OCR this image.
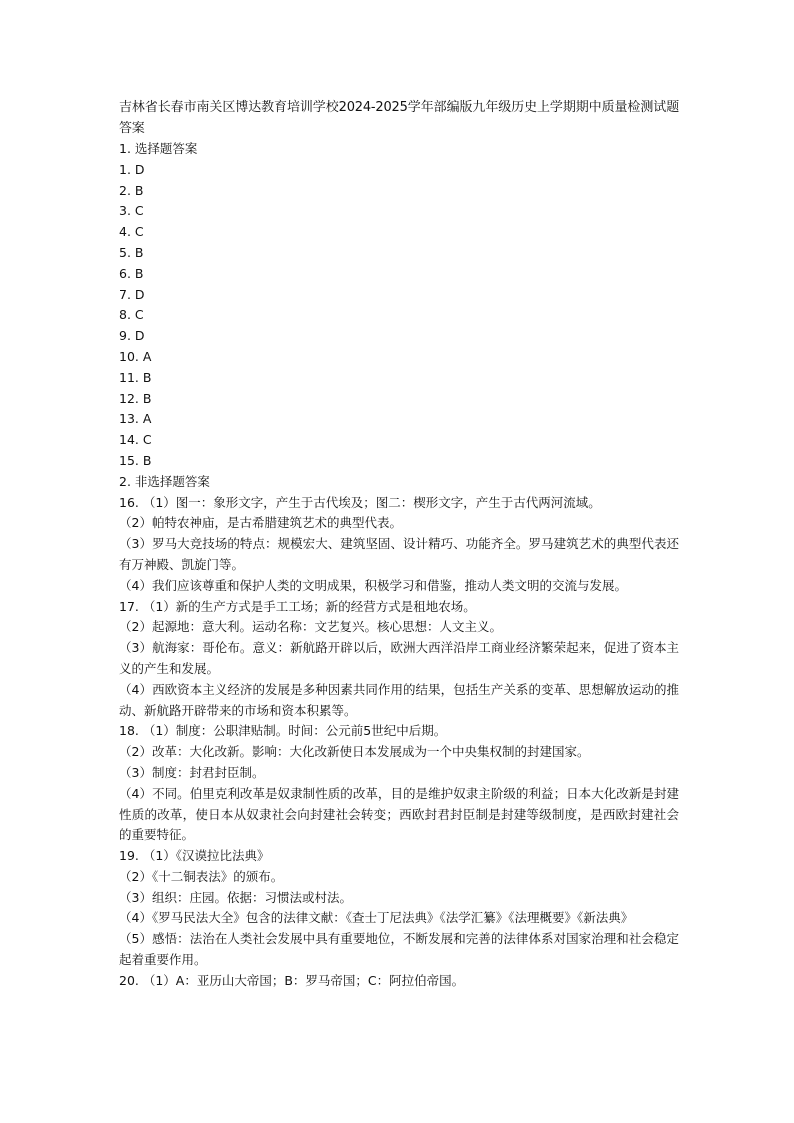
吉林省长春市南关区博达教育培训学校2024-2025学年部编版九年级历史上学期期中质量检测试题答案
1. 选择题答案
1. D
2. B
3. C
4. C
5. B
6. B
7. D
8. C
9. D
10. A
11. B
12. B
13. A
14. C
15. B
2. 非选择题答案
16. （1）图一：象形文字，产生于古代埃及；图二：楔形文字，产生于古代两河流域。
（2）帕特农神庙，是古希腊建筑艺术的典型代表。
（3）罗马大竞技场的特点：规模宏大、建筑坚固、设计精巧、功能齐全。罗马建筑艺术的典型代表还有万神殿、凯旋门等。
（4）我们应该尊重和保护人类的文明成果，积极学习和借鉴，推动人类文明的交流与发展。
17. （1）新的生产方式是手工工场；新的经营方式是租地农场。
（2）起源地：意大利。运动名称：文艺复兴。核心思想：人文主义。
（3）航海家：哥伦布。意义：新航路开辟以后，欧洲大西洋沿岸工商业经济繁荣起来，促进了资本主义的产生和发展。
（4）西欧资本主义经济的发展是多种因素共同作用的结果，包括生产关系的变革、思想解放运动的推动、新航路开辟带来的市场和资本积累等。
18. （1）制度：公职津贴制。时间：公元前5世纪中后期。
（2）改革：大化改新。影响：大化改新使日本发展成为一个中央集权制的封建国家。
（3）制度：封君封臣制。
（4）不同。伯里克利改革是奴隶制性质的改革，目的是维护奴隶主阶级的利益；日本大化改新是封建性质的改革，使日本从奴隶社会向封建社会转变；西欧封君封臣制是封建等级制度，是西欧封建社会的重要特征。
19. （1）《汉谟拉比法典》
（2）《十二铜表法》的颁布。
（3）组织：庄园。依据：习惯法或村法。
（4）《罗马民法大全》包含的法律文献：《查士丁尼法典》《法学汇纂》《法理概要》《新法典》
（5）感悟：法治在人类社会发展中具有重要地位，不断发展和完善的法律体系对国家治理和社会稳定起着重要作用。
20. （1）A：亚历山大帝国；B：罗马帝国；C：阿拉伯帝国。
